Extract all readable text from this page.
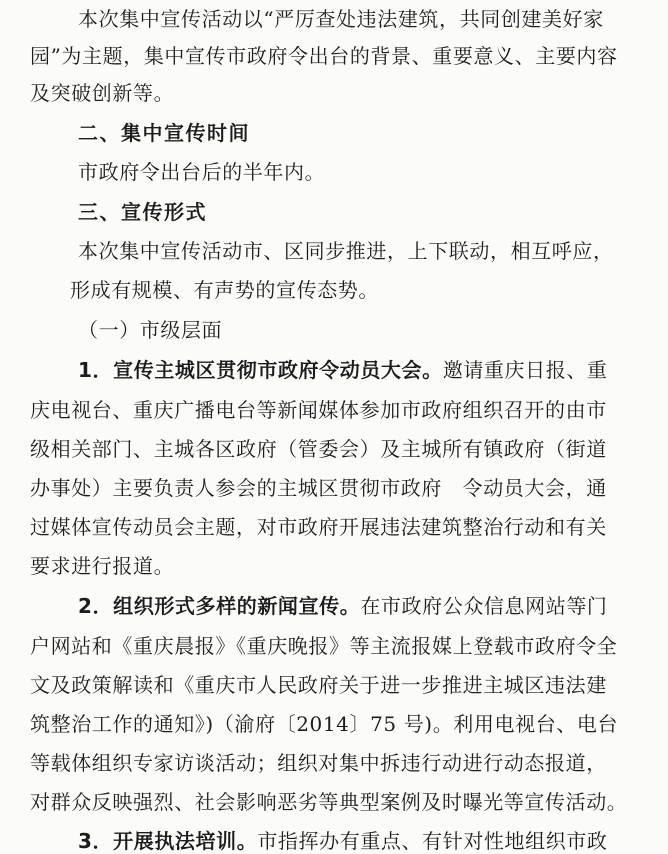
本次集中宣传活动以“严厉查处违法建筑，共同创建美好家
园”为主题，集中宣传市政府令出台的背景、重要意义、主要内容
及突破创新等。
二、集中宣传时间
市政府令出台后的半年内。
三、宣传形式
本次集中宣传活动市、区同步推进，上下联动，相互呼应，
形成有规模、有声势的宣传态势。
（一）市级层面
1．宣传主城区贯彻市政府令动员大会。邀请重庆日报、重
庆电视台、重庆广播电台等新闻媒体参加市政府组织召开的由市
级相关部门、主城各区政府（管委会）及主城所有镇政府（街道
办事处）主要负责人参会的主城区贯彻市政府　令动员大会，通
过媒体宣传动员会主题，对市政府开展违法建筑整治行动和有关
要求进行报道。
2．组织形式多样的新闻宣传。在市政府公众信息网站等门
户网站和《重庆晨报》《重庆晚报》等主流报媒上登载市政府令全
文及政策解读和《重庆市人民政府关于进一步推进主城区违法建
筑整治工作的通知》)（渝府〔2014〕75 号)。利用电视台、电台
等载体组织专家访谈活动；组织对集中拆违行动进行动态报道，
对群众反映强烈、社会影响恶劣等典型案例及时曝光等宣传活动。
3．开展执法培训。市指挥办有重点、有针对性地组织市政
